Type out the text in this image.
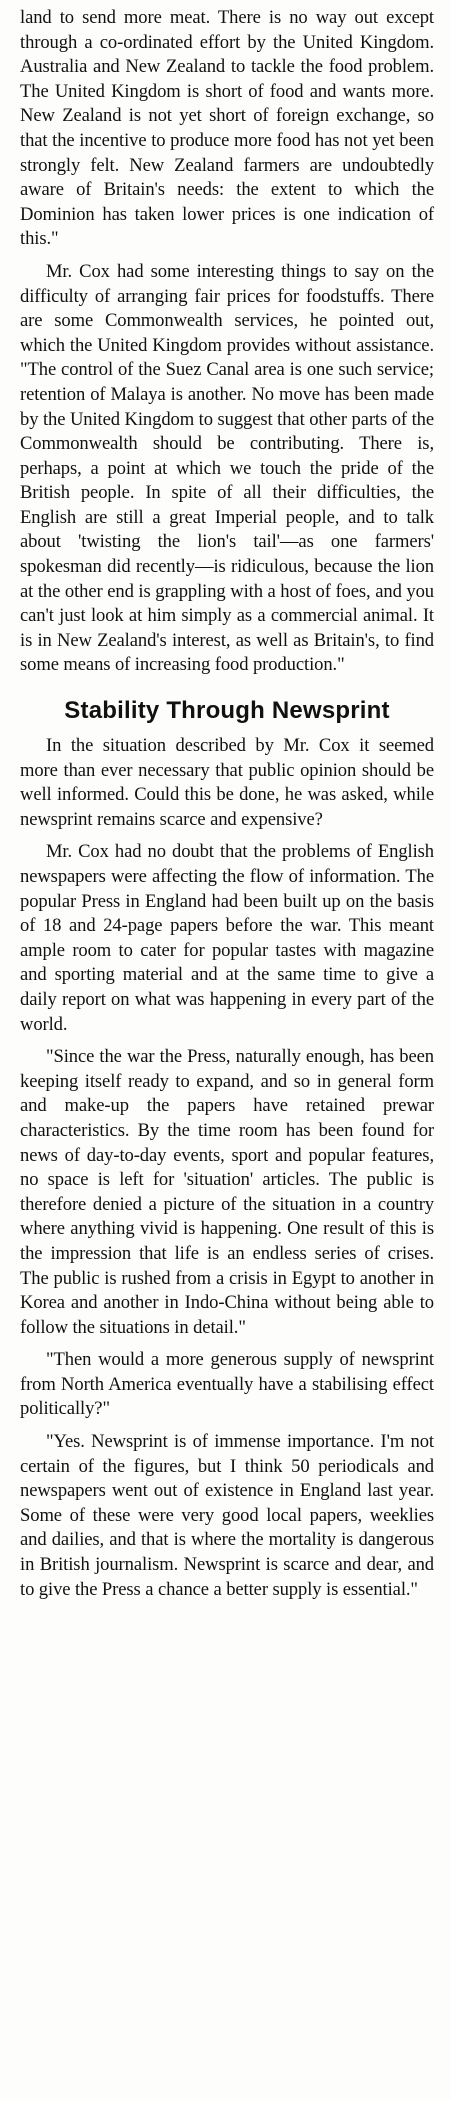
land to send more meat. There is no way out except through a co-ordinated effort by the United Kingdom. Australia and New Zealand to tackle the food problem. The United Kingdom is short of food and wants more. New Zealand is not yet short of foreign exchange, so that the incentive to produce more food has not yet been strongly felt. New Zealand farmers are undoubtedly aware of Britain's needs: the extent to which the Dominion has taken lower prices is one indication of this."

Mr. Cox had some interesting things to say on the difficulty of arranging fair prices for foodstuffs. There are some Commonwealth services, he pointed out, which the United Kingdom provides without assistance. "The control of the Suez Canal area is one such service; retention of Malaya is another. No move has been made by the United Kingdom to suggest that other parts of the Commonwealth should be contributing. There is, perhaps, a point at which we touch the pride of the British people. In spite of all their difficulties, the English are still a great Imperial people, and to talk about 'twisting the lion's tail'—as one farmers' spokesman did recently—is ridiculous, because the lion at the other end is grappling with a host of foes, and you can't just look at him simply as a commercial animal. It is in New Zealand's interest, as well as Britain's, to find some means of increasing food production."

Stability Through Newsprint

In the situation described by Mr. Cox it seemed more than ever necessary that public opinion should be well informed. Could this be done, he was asked, while newsprint remains scarce and expensive?

Mr. Cox had no doubt that the problems of English newspapers were affecting the flow of information. The popular Press in England had been built up on the basis of 18 and 24-page papers before the war. This meant ample room to cater for popular tastes with magazine and sporting material and at the same time to give a daily report on what was happening in every part of the world.

"Since the war the Press, naturally enough, has been keeping itself ready to expand, and so in general form and make-up the papers have retained prewar characteristics. By the time room has been found for news of day-to-day events, sport and popular features, no space is left for 'situation' articles. The public is therefore denied a picture of the situation in a country where anything vivid is happening. One result of this is the impression that life is an endless series of crises. The public is rushed from a crisis in Egypt to another in Korea and another in Indo-China without being able to follow the situations in detail."

"Then would a more generous supply of newsprint from North America eventually have a stabilising effect politically?"

"Yes. Newsprint is of immense importance. I'm not certain of the figures, but I think 50 periodicals and newspapers went out of existence in England last year. Some of these were very good local papers, weeklies and dailies, and that is where the mortality is dangerous in British journalism. Newsprint is scarce and dear, and to give the Press a chance a better supply is essential."
